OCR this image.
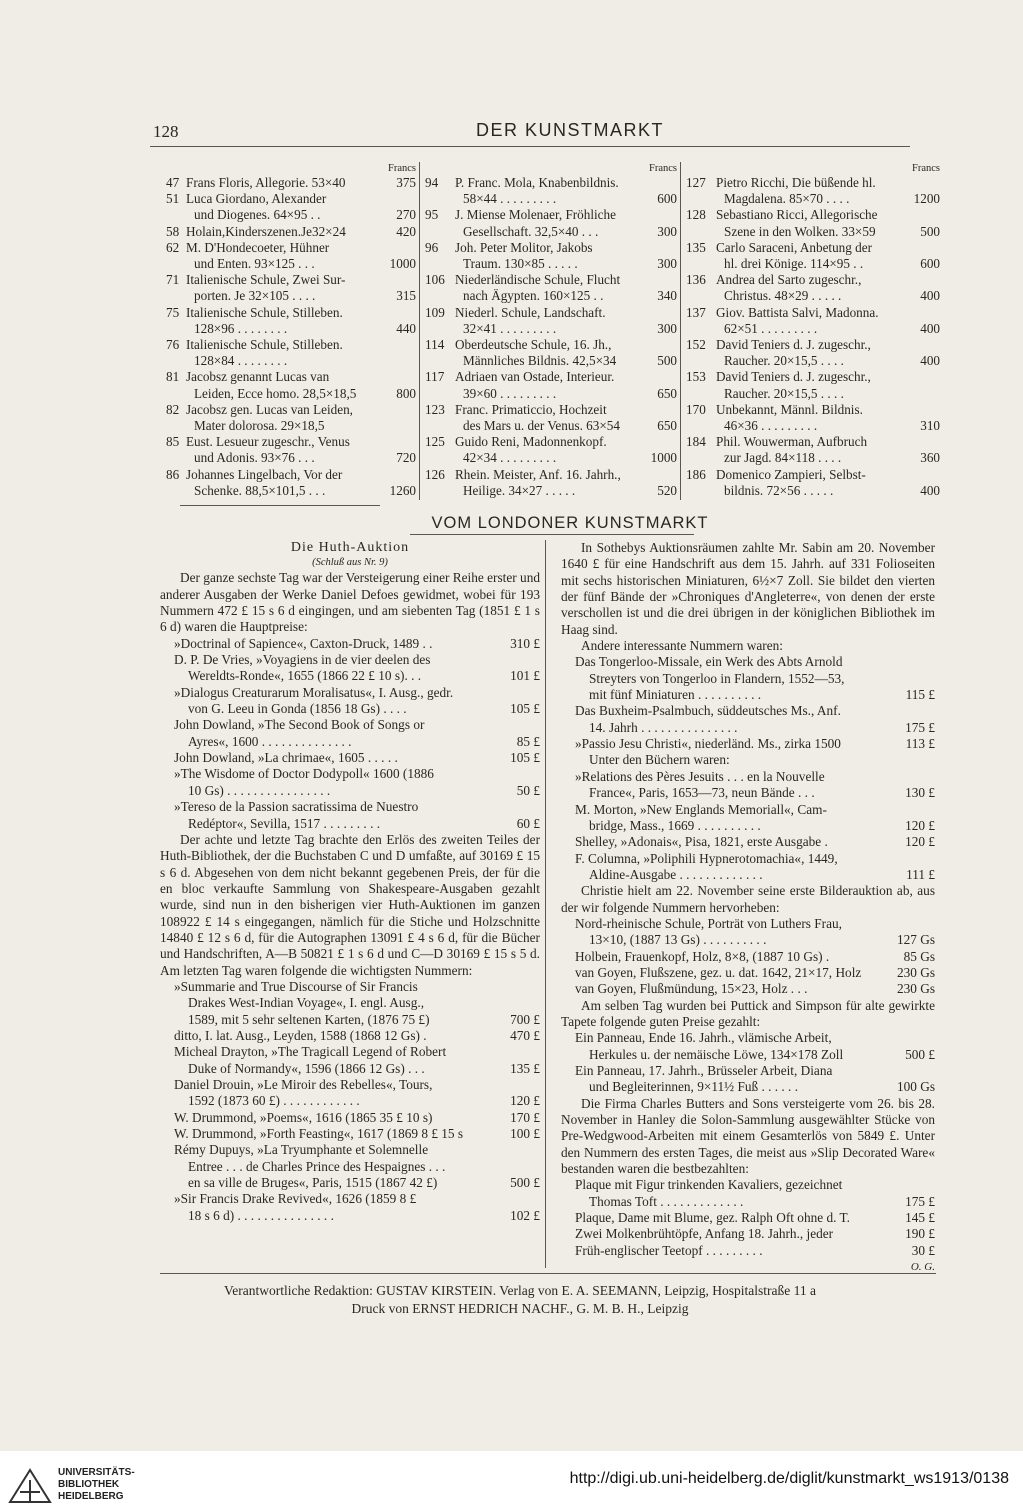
128	DER KUNSTMARKT
Francs
47 Frans Floris, Allegorie. 53×40	375
51 Luca Giordano, Alexander
und Diogenes. 64×95 . .	270
58 Holain,Kinderszenen.Je32×24	420
62 M. D'Hondecoeter, Hühner
und Enten. 93×125 . . .	1000
71 Italienische Schule, Zwei Sur-
porten. Je 32×105 . . . .	315
75 Italienische Schule, Stilleben.
128×96 . . . . . . . .	440
76 Italienische Schule, Stilleben.
128×84 . . . . . . . .
81 Jacobsz genannt Lucas van
Leiden, Ecce homo. 28,5×18,5	800
82 Jacobsz gen. Lucas van Leiden,
Mater dolorosa. 29×18,5
85 Eust. Lesueur zugeschr., Venus
und Adonis. 93×76 . . .	720
86 Johannes Lingelbach, Vor der
Schenke. 88,5×101,5 . . .	1260
Francs
94	P. Franc. Mola, Knabenbildnis.
58×44 . . . . . . . . .	600
95	J. Miense Molenaer, Fröhliche
Gesellschaft. 32,5×40 . . .	300
96	Joh. Peter Molitor, Jakobs
Traum. 130×85 . . . . .	300
106 Niederländische Schule, Flucht
nach Ägypten. 160×125 . .	340
109 Niederl. Schule, Landschaft.
32×41 . . . . . . . . .	300
114 Oberdeutsche Schule, 16. Jh.,
Männliches Bildnis. 42,5×34	500
117 Adriaen van Ostade, Interieur.
39×60 . . . . . . . . .	650
123 Franc. Primaticcio, Hochzeit
des Mars u. der Venus. 63×54	650
125 Guido Reni, Madonnenkopf.
42×34 . . . . . . . . .	1000
126 Rhein. Meister, Anf. 16. Jahrh.,
Heilige. 34×27 . . . . .	520
Francs
127 Pietro Ricchi, Die büßende hl.
Magdalena. 85×70 . . . .	1200
128 Sebastiano Ricci, Allegorische
Szene in den Wolken. 33×59	500
135 Carlo Saraceni, Anbetung der
hl. drei Könige. 114×95 . .	600
136 Andrea del Sarto zugeschr.,
Christus. 48×29 . . . . .	400
137 Giov. Battista Salvi, Madonna.
62×51 . . . . . . . . .	400
152 David Teniers d. J. zugeschr.,
Raucher. 20×15,5 . . . .	400
153 David Teniers d. J. zugeschr.,
Raucher. 20×15,5 . . . .
170 Unbekannt, Männl. Bildnis.
46×36 . . . . . . . . .	310
184 Phil. Wouwerman, Aufbruch
zur Jagd. 84×118 . . . .	360
186 Domenico Zampieri, Selbst-
bildnis. 72×56 . . . . .	400
VOM LONDONER KUNSTMARKT
Die Huth-Auktion
(Schluß aus Nr. 9)

Der ganze sechste Tag war der Versteigerung einer Reihe erster und anderer Ausgaben der Werke Daniel Defoes gewidmet, wobei für 193 Nummern 472 £ 15 s 6 d eingingen, und am siebenten Tag (1851 £ 1 s 6 d) waren die Hauptpreise:

»Doctrinal of Sapience«, Caxton-Druck, 1489 . .	310 £
D. P. De Vries, »Voyagiens in de vier deelen des
Wereldts-Ronde«, 1655 (1866 22 £ 10 s). . .	101 £
»Dialogus Creaturarum Moralisatus«, I. Ausg., gedr.
von G. Leeu in Gonda (1856 18 Gs) . . . .	105 £
John Dowland, »The Second Book of Songs or
Ayres«, 1600 . . . . . . . . . . . . . .	85 £
John Dowland, »La chrimae«, 1605 . . . . .	105 £
»The Wisdome of Doctor Dodypoll« 1600 (1886
10 Gs) . . . . . . . . . . . . . . . .	50 £
»Tereso de la Passion sacratissima de Nuestro
Redéptor«, Sevilla, 1517 . . . . . . . . .	60 £

Der achte und letzte Tag brachte den Erlös des zweiten Teiles der Huth-Bibliothek, der die Buchstaben C und D umfaßte, auf 30169 £ 15 s 6 d. Abgesehen von dem nicht bekannt gegebenen Preis, der für die en bloc verkaufte Sammlung von Shakespeare-Ausgaben gezahlt wurde, sind nun in den bisherigen vier Huth-Auktionen im ganzen 108922 £ 14 s eingegangen, nämlich für die Stiche und Holzschnitte 14840 £ 12 s 6 d, für die Autographen 13091 £ 4 s 6 d, für die Bücher und Handschriften, A—B 50821 £ 1 s 6 d und C—D 30169 £ 15 s 5 d. Am letzten Tag waren folgende die wichtigsten Nummern:

»Summarie and True Discourse of Sir Francis
Drakes West-Indian Voyage«, I. engl. Ausg.,
1589, mit 5 sehr seltenen Karten, (1876 75 £)	700 £
ditto, I. lat. Ausg., Leyden, 1588 (1868 12 Gs) .	470 £
Micheal Drayton, »The Tragicall Legend of Robert
Duke of Normandy«, 1596 (1866 12 Gs) . . .	135 £
Daniel Drouin, »Le Miroir des Rebelles«, Tours,
1592 (1873 60 £) . . . . . . . . . . . .	120 £
W. Drummond, »Poems«, 1616 (1865 35 £ 10 s)	170 £
W. Drummond, »Forth Feasting«, 1617 (1869 8 £ 15 s	100 £
Rémy Dupuys, »La Tryumphante et Solemnelle
Entree . . . de Charles Prince des Hespaignes . . .
en sa ville de Bruges«, Paris, 1515 (1867 42 £)	500 £
»Sir Francis Drake Revived«, 1626 (1859 8 £
18 s 6 d) . . . . . . . . . . . . . . .	102 £

In Sothebys Auktionsräumen zahlte Mr. Sabin am 20. November 1640 £ für eine Handschrift aus dem 15. Jahrh. auf 331 Folioseiten mit sechs historischen Miniaturen, 6½×7 Zoll. Sie bildet den vierten der fünf Bände der »Chroniques d'Angleterre«, von denen der erste verschollen ist und die drei übrigen in der königlichen Bibliothek im Haag sind.

Andere interessante Nummern waren:

Das Tongerloo-Missale, ein Werk des Abts Arnold
Streyters von Tongerloo in Flandern, 1552—53,
mit fünf Miniaturen . . . . . . . . . .	115 £
Das Buxheim-Psalmbuch, süddeutsches Ms., Anf.
14. Jahrh . . . . . . . . . . . . . . .	175 £
»Passio Jesu Christi«, niederländ. Ms., zirka 1500	113 £
Unter den Büchern waren:
»Relations des Pères Jesuits . . . en la Nouvelle
France«, Paris, 1653—73, neun Bände . . .	130 £
M. Morton, »New Englands Memoriall«, Cam-
bridge, Mass., 1669 . . . . . . . . . .	120 £
Shelley, »Adonais«, Pisa, 1821, erste Ausgabe .	120 £
F. Columna, »Poliphili Hypnerotomachia«, 1449,
Aldine-Ausgabe . . . . . . . . . . . . .	111 £

Christie hielt am 22. November seine erste Bilderauktion ab, aus der wir folgende Nummern hervorheben:

Nord-rheinische Schule, Porträt von Luthers Frau,
13×10, (1887 13 Gs) . . . . . . . . . .	127 Gs
Holbein, Frauenkopf, Holz, 8×8, (1887 10 Gs) .	85 Gs
van Goyen, Flußszene, gez. u. dat. 1642, 21×17, Holz	230 Gs
van Goyen, Flußmündung, 15×23, Holz . . .	230 Gs

Am selben Tag wurden bei Puttick and Simpson für alte gewirkte Tapete folgende guten Preise gezahlt:

Ein Panneau, Ende 16. Jahrh., vlämische Arbeit,
Herkules u. der nemäische Löwe, 134×178 Zoll	500 £
Ein Panneau, 17. Jahrh., Brüsseler Arbeit, Diana
und Begleiterinnen, 9×11½ Fuß . . . . . .	100 Gs

Die Firma Charles Butters and Sons versteigerte vom 26. bis 28. November in Hanley die Solon-Sammlung ausgewählter Stücke von Pre-Wedgwood-Arbeiten mit einem Gesamterlös von 5849 £. Unter den Nummern des ersten Tages, die meist aus »Slip Decorated Ware« bestanden waren die bestbezahlten:

Plaque mit Figur trinkenden Kavaliers, gezeichnet
Thomas Toft . . . . . . . . . . . . .	175 £
Plaque, Dame mit Blume, gez. Ralph Oft ohne d. T.	145 £
Zwei Molkenbrühtöpfe, Anfang 18. Jahrh., jeder	190 £
Früh-englischer Teetopf . . . . . . . . .	30 £
O. G.
Verantwortliche Redaktion: GUSTAV KIRSTEIN. Verlag von E. A. SEEMANN, Leipzig, Hospitalstraße 11 a
Druck von ERNST HEDRICH NACHF., G. M. B. H., Leipzig
UNIVERSITÄTS-
BIBLIOTHEK
HEIDELBERG
http://digi.ub.uni-heidelberg.de/diglit/kunstmarkt_ws1913/0138
